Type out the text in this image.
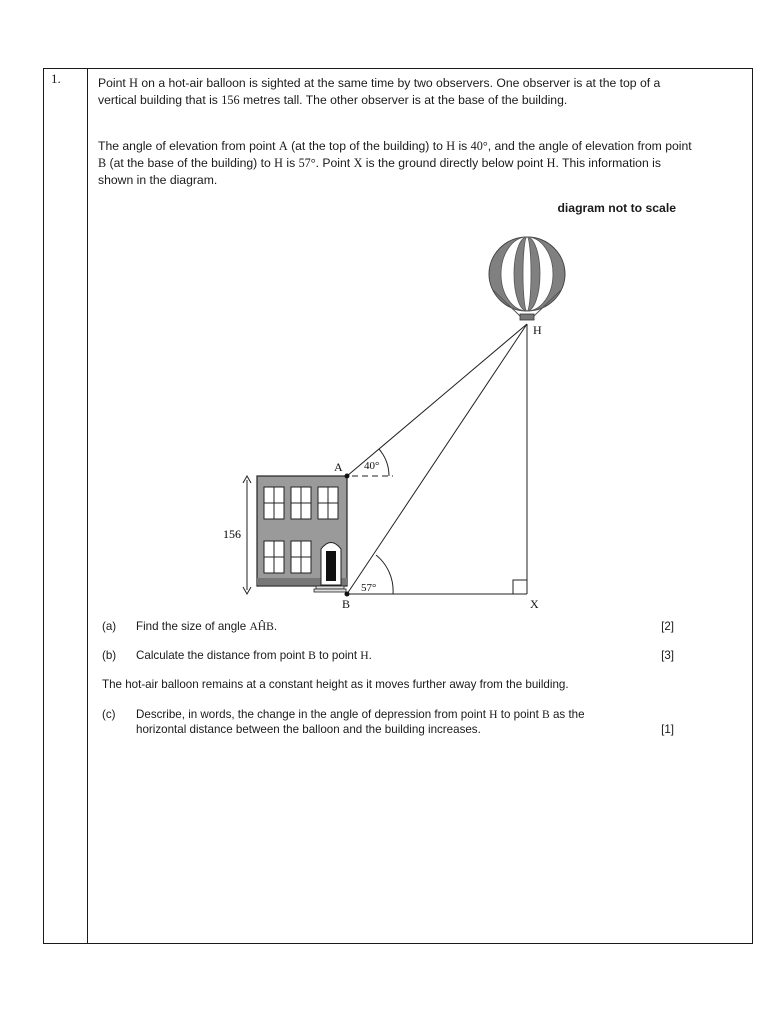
1.	Point H on a hot-air balloon is sighted at the same time by two observers. One observer is at the top of a vertical building that is 156 metres tall. The other observer is at the base of the building.
The angle of elevation from point A (at the top of the building) to H is 40°, and the angle of elevation from point B (at the base of the building) to H is 57°. Point X is the ground directly below point H. This information is shown in the diagram.
diagram not to scale
156
H
A
B	X
40°
57°
(a) Find the size of angle AĤB.	[2]
(b) Calculate the distance from point B to point H.	[3]
The hot-air balloon remains at a constant height as it moves further away from the building.
(c) Describe, in words, the change in the angle of depression from point H to point B as the horizontal distance between the balloon and the building increases.	[1]
